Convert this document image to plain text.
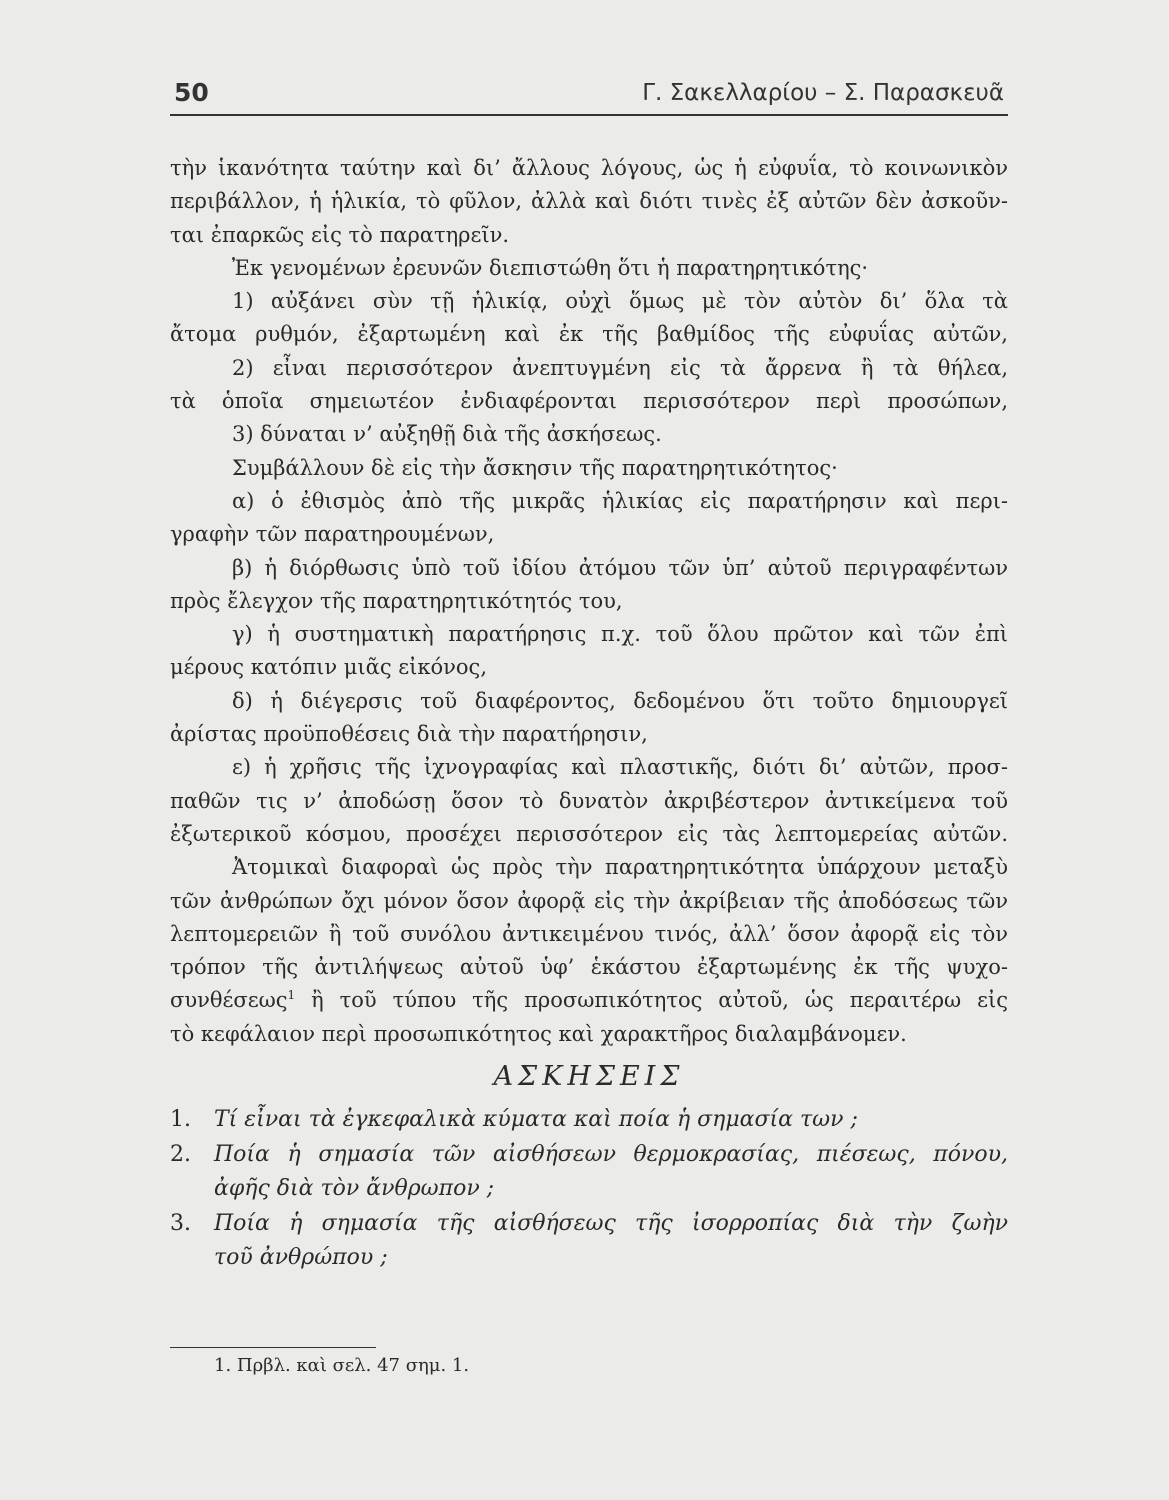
50	Γ. Σακελλαρίου – Σ. Παρασκευᾶ
τὴν ἱκανότητα ταύτην καὶ δι’ ἄλλους λόγους, ὡς ἡ εὐφυΐα, τὸ κοινωνικὸν
περιβάλλον, ἡ ἡλικία, τὸ φῦλον, ἀλλὰ καὶ διότι τινὲς ἐξ αὐτῶν δὲν ἀσκοῦν-
ται ἐπαρκῶς εἰς τὸ παρατηρεῖν.
Ἐκ γενομένων ἐρευνῶν διεπιστώθη ὅτι ἡ παρατηρητικότης·
1) αὐξάνει σὺν τῇ ἡλικίᾳ, οὐχὶ ὅμως μὲ τὸν αὐτὸν δι’ ὅλα τὰ
ἄτομα ρυθμόν, ἐξαρτωμένη καὶ ἐκ τῆς βαθμίδος τῆς εὐφυΐας αὐτῶν,
2) εἶναι περισσότερον ἀνεπτυγμένη εἰς τὰ ἄρρενα ἢ τὰ θήλεα,
τὰ ὁποῖα σημειωτέον ἐνδιαφέρονται περισσότερον περὶ προσώπων,
3) δύναται ν’ αὐξηθῇ διὰ τῆς ἀσκήσεως.
Συμβάλλουν δὲ εἰς τὴν ἄσκησιν τῆς παρατηρητικότητος·
α) ὁ ἐθισμὸς ἀπὸ τῆς μικρᾶς ἡλικίας εἰς παρατήρησιν καὶ περι-
γραφὴν τῶν παρατηρουμένων,
β) ἡ διόρθωσις ὑπὸ τοῦ ἰδίου ἀτόμου τῶν ὑπ’ αὐτοῦ περιγραφέντων
πρὸς ἔλεγχον τῆς παρατηρητικότητός του,
γ) ἡ συστηματικὴ παρατήρησις π.χ. τοῦ ὅλου πρῶτον καὶ τῶν ἐπὶ
μέρους κατόπιν μιᾶς εἰκόνος,
δ) ἡ διέγερσις τοῦ διαφέροντος, δεδομένου ὅτι τοῦτο δημιουργεῖ
ἀρίστας προϋποθέσεις διὰ τὴν παρατήρησιν,
ε) ἡ χρῆσις τῆς ἰχνογραφίας καὶ πλαστικῆς, διότι δι’ αὐτῶν, προσ-
παθῶν τις ν’ ἀποδώσῃ ὅσον τὸ δυνατὸν ἀκριβέστερον ἀντικείμενα τοῦ
ἐξωτερικοῦ κόσμου, προσέχει περισσότερον εἰς τὰς λεπτομερείας αὐτῶν.
Ἀτομικαὶ διαφοραὶ ὡς πρὸς τὴν παρατηρητικότητα ὑπάρχουν μεταξὺ
τῶν ἀνθρώπων ὄχι μόνον ὅσον ἀφορᾷ εἰς τὴν ἀκρίβειαν τῆς ἀποδόσεως τῶν
λεπτομερειῶν ἢ τοῦ συνόλου ἀντικειμένου τινός, ἀλλ’ ὅσον ἀφορᾷ εἰς τὸν
τρόπον τῆς ἀντιλήψεως αὐτοῦ ὑφ’ ἑκάστου ἐξαρτωμένης ἐκ τῆς ψυχο-
συνθέσεως$^1$ ἢ τοῦ τύπου τῆς προσωπικότητος αὐτοῦ, ὡς περαιτέρω εἰς
τὸ κεφάλαιον περὶ προσωπικότητος καὶ χαρακτῆρος διαλαμβάνομεν.
ΑΣΚΗΣΕΙΣ
1. Τί εἶναι τὰ ἐγκεφαλικὰ κύματα καὶ ποία ἡ σημασία των ;
2. Ποία ἡ σημασία τῶν αἰσθήσεων θερμοκρασίας, πιέσεως, πόνου,
ἀφῆς διὰ τὸν ἄνθρωπον ;
3. Ποία ἡ σημασία τῆς αἰσθήσεως τῆς ἰσορροπίας διὰ τὴν ζωὴν
τοῦ ἀνθρώπου ;
1. Πρβλ. καὶ σελ. 47 σημ. 1.
